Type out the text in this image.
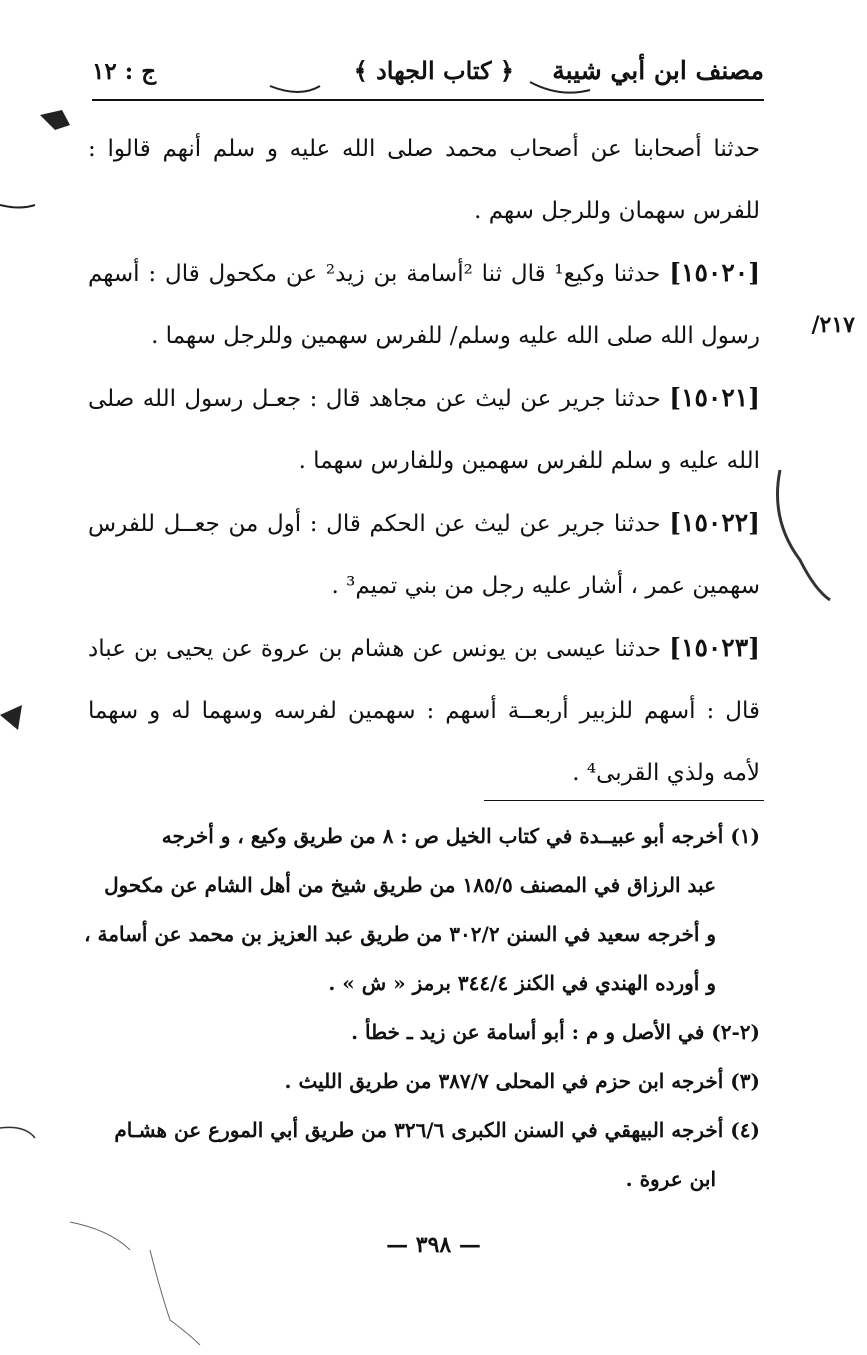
مصنف ابن أبي شيبة
﴿ كتاب الجهاد ﴾
ج : ١٢
٢١٧/

حدثنا أصحابنا عن أصحاب محمد صلى الله عليه و سلم أنهم قالوا : للفرس سهمان وللرجل سهم .

[١٥٠٢٠] حدثنا وكيع¹ قال ثنا ²أسامة بن زيد² عن مكحول قال : أسهم رسول الله صلى الله عليه وسلم/ للفرس سهمين وللرجل سهما .

[١٥٠٢١] حدثنا جرير عن ليث عن مجاهد قال : جعـل رسول الله صلى الله عليه و سلم للفرس سهمين وللفارس سهما .

[١٥٠٢٢] حدثنا جرير عن ليث عن الحكم قال : أول من جعــل للفرس سهمين عمر ، أشار عليه رجل من بني تميم³ .

[١٥٠٢٣] حدثنا عيسى بن يونس عن هشام بن عروة عن يحيى بن عباد قال : أسهم للزبير أربعــة أسهم : سهمين لفرسه وسهما له و سهما لأمه ولذي القربى⁴ .

(١) أخرجه أبو عبيــدة في كتاب الخيل ص : ٨ من طريق وكيع ، و أخرجه
عبد الرزاق في المصنف ١٨٥/٥ من طريق شيخ من أهل الشام عن مكحول
و أخرجه سعيد في السنن ٣٠٢/٢ من طريق عبد العزيز بن محمد عن أسامة ،
و أورده الهندي في الكنز ٣٤٤/٤ برمز « ش » .
(٢-٢) في الأصل و م : أبو أسامة عن زيد ـ خطأ .
(٣) أخرجه ابن حزم في المحلى ٣٨٧/٧ من طريق الليث .
(٤) أخرجه البيهقي في السنن الكبرى ٣٢٦/٦ من طريق أبي المورع عن هشـام
ابن عروة .
— ٣٩٨ —
